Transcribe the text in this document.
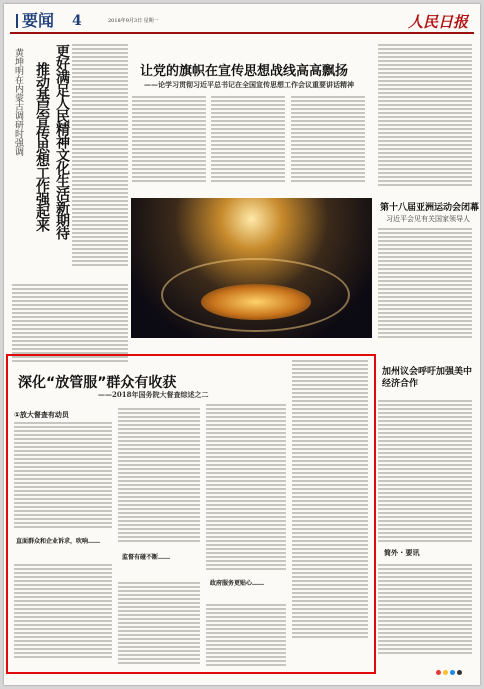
要闻 4	2018年9月3日 星期一	人民日报
更好满足人民精神文化生活新期待
推动基层宣传思想工作强起来
黄坤明在内蒙古调研时强调	让党的旗帜在宣传思想战线高高飘扬
——论学习贯彻习近平总书记在全国宣传思想工作会议重要讲话精神
第十八届亚洲运动会闭幕
习近平会见有关国家领导人
深化“放管服”群众有收获
——2018年国务院大督查综述之二
①放大督查有动员
直面群众和企业诉求，吹响……
监督有碰不断……
政府服务更贴心……
加州议会呼吁加强美中经济合作
简外 · 要讯
